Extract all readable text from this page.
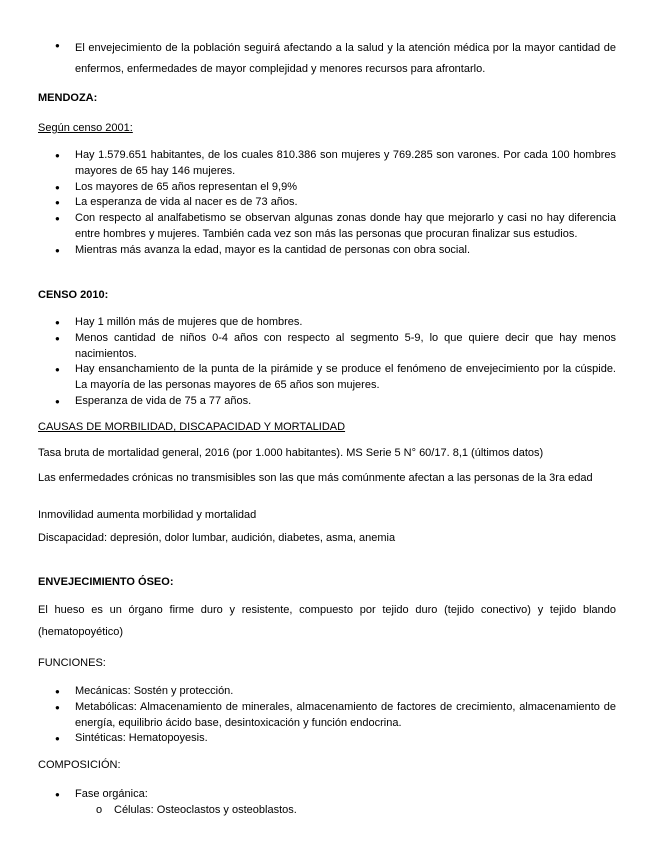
● El envejecimiento de la población seguirá afectando a la salud y la atención médica por la mayor cantidad de enfermos, enfermedades de mayor complejidad y menores recursos para afrontarlo.
MENDOZA:
Según censo 2001:
● Hay 1.579.651 habitantes, de los cuales 810.386 son mujeres y 769.285 son varones. Por cada 100 hombres mayores de 65 hay 146 mujeres.
● Los mayores de 65 años representan el 9,9%
● La esperanza de vida al nacer es de 73 años.
● Con respecto al analfabetismo se observan algunas zonas donde hay que mejorarlo y casi no hay diferencia entre hombres y mujeres. También cada vez son más las personas que procuran finalizar sus estudios.
● Mientras más avanza la edad, mayor es la cantidad de personas con obra social.
CENSO 2010:
● Hay 1 millón más de mujeres que de hombres.
● Menos cantidad de niños 0-4 años con respecto al segmento 5-9, lo que quiere decir que hay menos nacimientos.
● Hay ensanchamiento de la punta de la pirámide y se produce el fenómeno de envejecimiento por la cúspide. La mayoría de las personas mayores de 65 años son mujeres.
● Esperanza de vida de 75 a 77 años.
CAUSAS DE MORBILIDAD, DISCAPACIDAD Y MORTALIDAD
Tasa bruta de mortalidad general, 2016 (por 1.000 habitantes). MS Serie 5 N° 60/17. 8,1 (últimos datos)
Las enfermedades crónicas no transmisibles son las que más comúnmente afectan a las personas de la 3ra edad
Inmovilidad aumenta morbilidad y mortalidad
Discapacidad: depresión, dolor lumbar, audición, diabetes, asma, anemia
ENVEJECIMIENTO ÓSEO:
El hueso es un órgano firme duro y resistente, compuesto por tejido duro (tejido conectivo) y tejido blando (hematopoyético)
FUNCIONES:
● Mecánicas: Sostén y protección.
● Metabólicas: Almacenamiento de minerales, almacenamiento de factores de crecimiento, almacenamiento de energía, equilibrio ácido base, desintoxicación y función endocrina.
● Sintéticas: Hematopoyesis.
COMPOSICIÓN:
● Fase orgánica:
o Células: Osteoclastos y osteoblastos.
